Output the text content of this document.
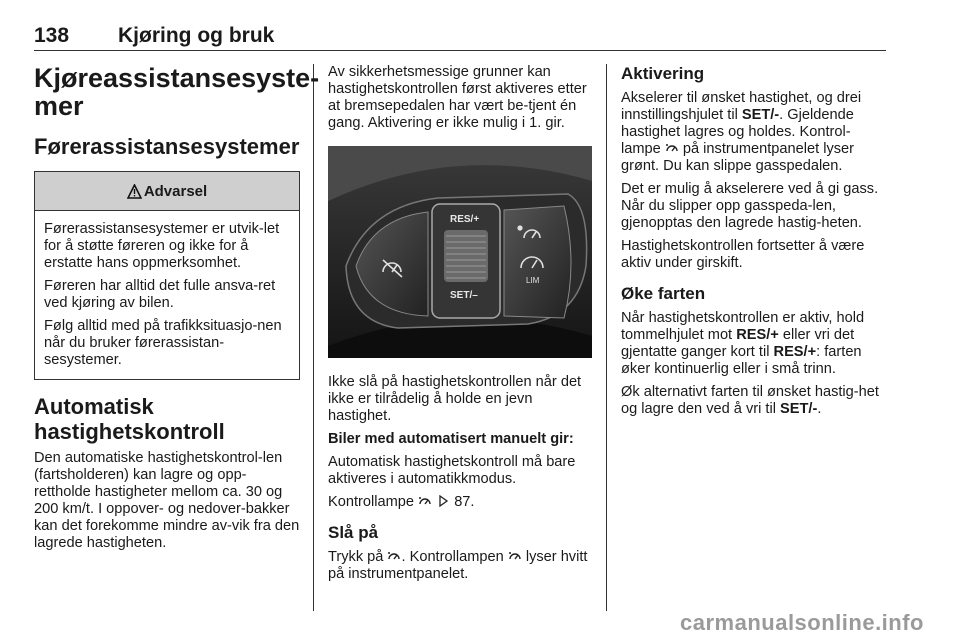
138 Kjøring og bruk
Kjøreassistansesyste-
mer
Førerassistansesystemer
Advarsel

Førerassistansesystemer er utvik-let for å støtte føreren og ikke for å erstatte hans oppmerksomhet.

Føreren har alltid det fulle ansva-ret ved kjøring av bilen.

Følg alltid med på trafikksituasjo-nen når du bruker førerassistan-sesystemer.

Automatisk
hastighetskontroll

Den automatiske hastighetskontrol-len (fartsholderen) kan lagre og opp-rettholde hastigheter mellom ca. 30 og 200 km/t. I oppover- og nedover-bakker kan det forekomme mindre av-vik fra den lagrede hastigheten.

Av sikkerhetsmessige grunner kan hastighetskontrollen først aktiveres etter at bremsepedalen har vært be-tjent én gang. Aktivering er ikke mulig i 1. gir.

RES/+
SET/–
LIM

Ikke slå på hastighetskontrollen når det ikke er tilrådelig å holde en jevn hastighet.

Biler med automatisert manuelt gir:

Automatisk hastighetskontroll må bare aktiveres i automatikkmodus.

Kontrollampe	87.

Slå på

Trykk på . Kontrollampen lyser hvitt på instrumentpanelet.

Aktivering

Akselerer til ønsket hastighet, og drei innstillingshjulet til SET/-. Gjeldende hastighet lagres og holdes. Kontrol-lampe på instrumentpanelet lyser grønt. Du kan slippe gasspedalen.

Det er mulig å akselerere ved å gi gass. Når du slipper opp gasspeda-len, gjenopptas den lagrede hastig-heten.

Hastighetskontrollen fortsetter å være aktiv under girskift.

Øke farten

Når hastighetskontrollen er aktiv, hold tommelhjulet mot RES/+ eller vri det gjentatte ganger kort til RES/+: farten øker kontinuerlig eller i små trinn.

Øk alternativt farten til ønsket hastig-het og lagre den ved å vri til SET/-.

carmanualsonline.info
